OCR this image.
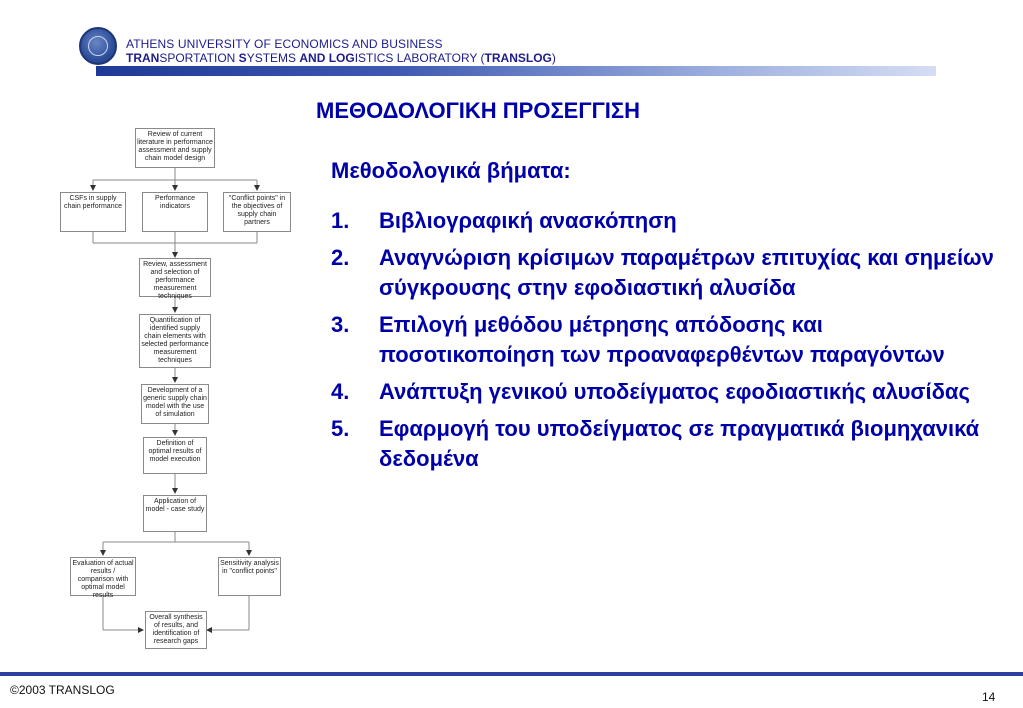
ATHENS UNIVERSITY OF ECONOMICS AND BUSINESS
TRANSPORTATION SYSTEMS AND LOGISTICS LABORATORY (TRANSLOG)
ΜΕΘΟΔΟΛΟΓΙΚΗ ΠΡΟΣΕΓΓΙΣΗ
Μεθοδολογικά βήματα:
1. Βιβλιογραφική ανασκόπηση
2. Αναγνώριση κρίσιμων παραμέτρων επιτυχίας και σημείων σύγκρουσης στην εφοδιαστική αλυσίδα
3. Επιλογή μεθόδου μέτρησης απόδοσης και ποσοτικοποίηση των προαναφερθέντων παραγόντων
4. Ανάπτυξη γενικού υποδείγματος εφοδιαστικής αλυσίδας
5. Εφαρμογή του υποδείγματος σε πραγματικά βιομηχανικά δεδομένα
Review of current literature in performance assessment and supply chain model design
CSFs in supply chain performance
Performance indicators
"Conflict points" in the objectives of supply chain partners
Review, assessment and selection of performance measurement techniques
Quantification of identified supply chain elements with selected performance measurement techniques
Development of a generic supply chain model with the use of simulation
Definition of optimal results of model execution
Application of model - case study
Evaluation of actual results / comparison with optimal model results
Sensitivity analysis in "conflict points"
Overall synthesis of results, and identification of research gaps
©2003 TRANSLOG	14
